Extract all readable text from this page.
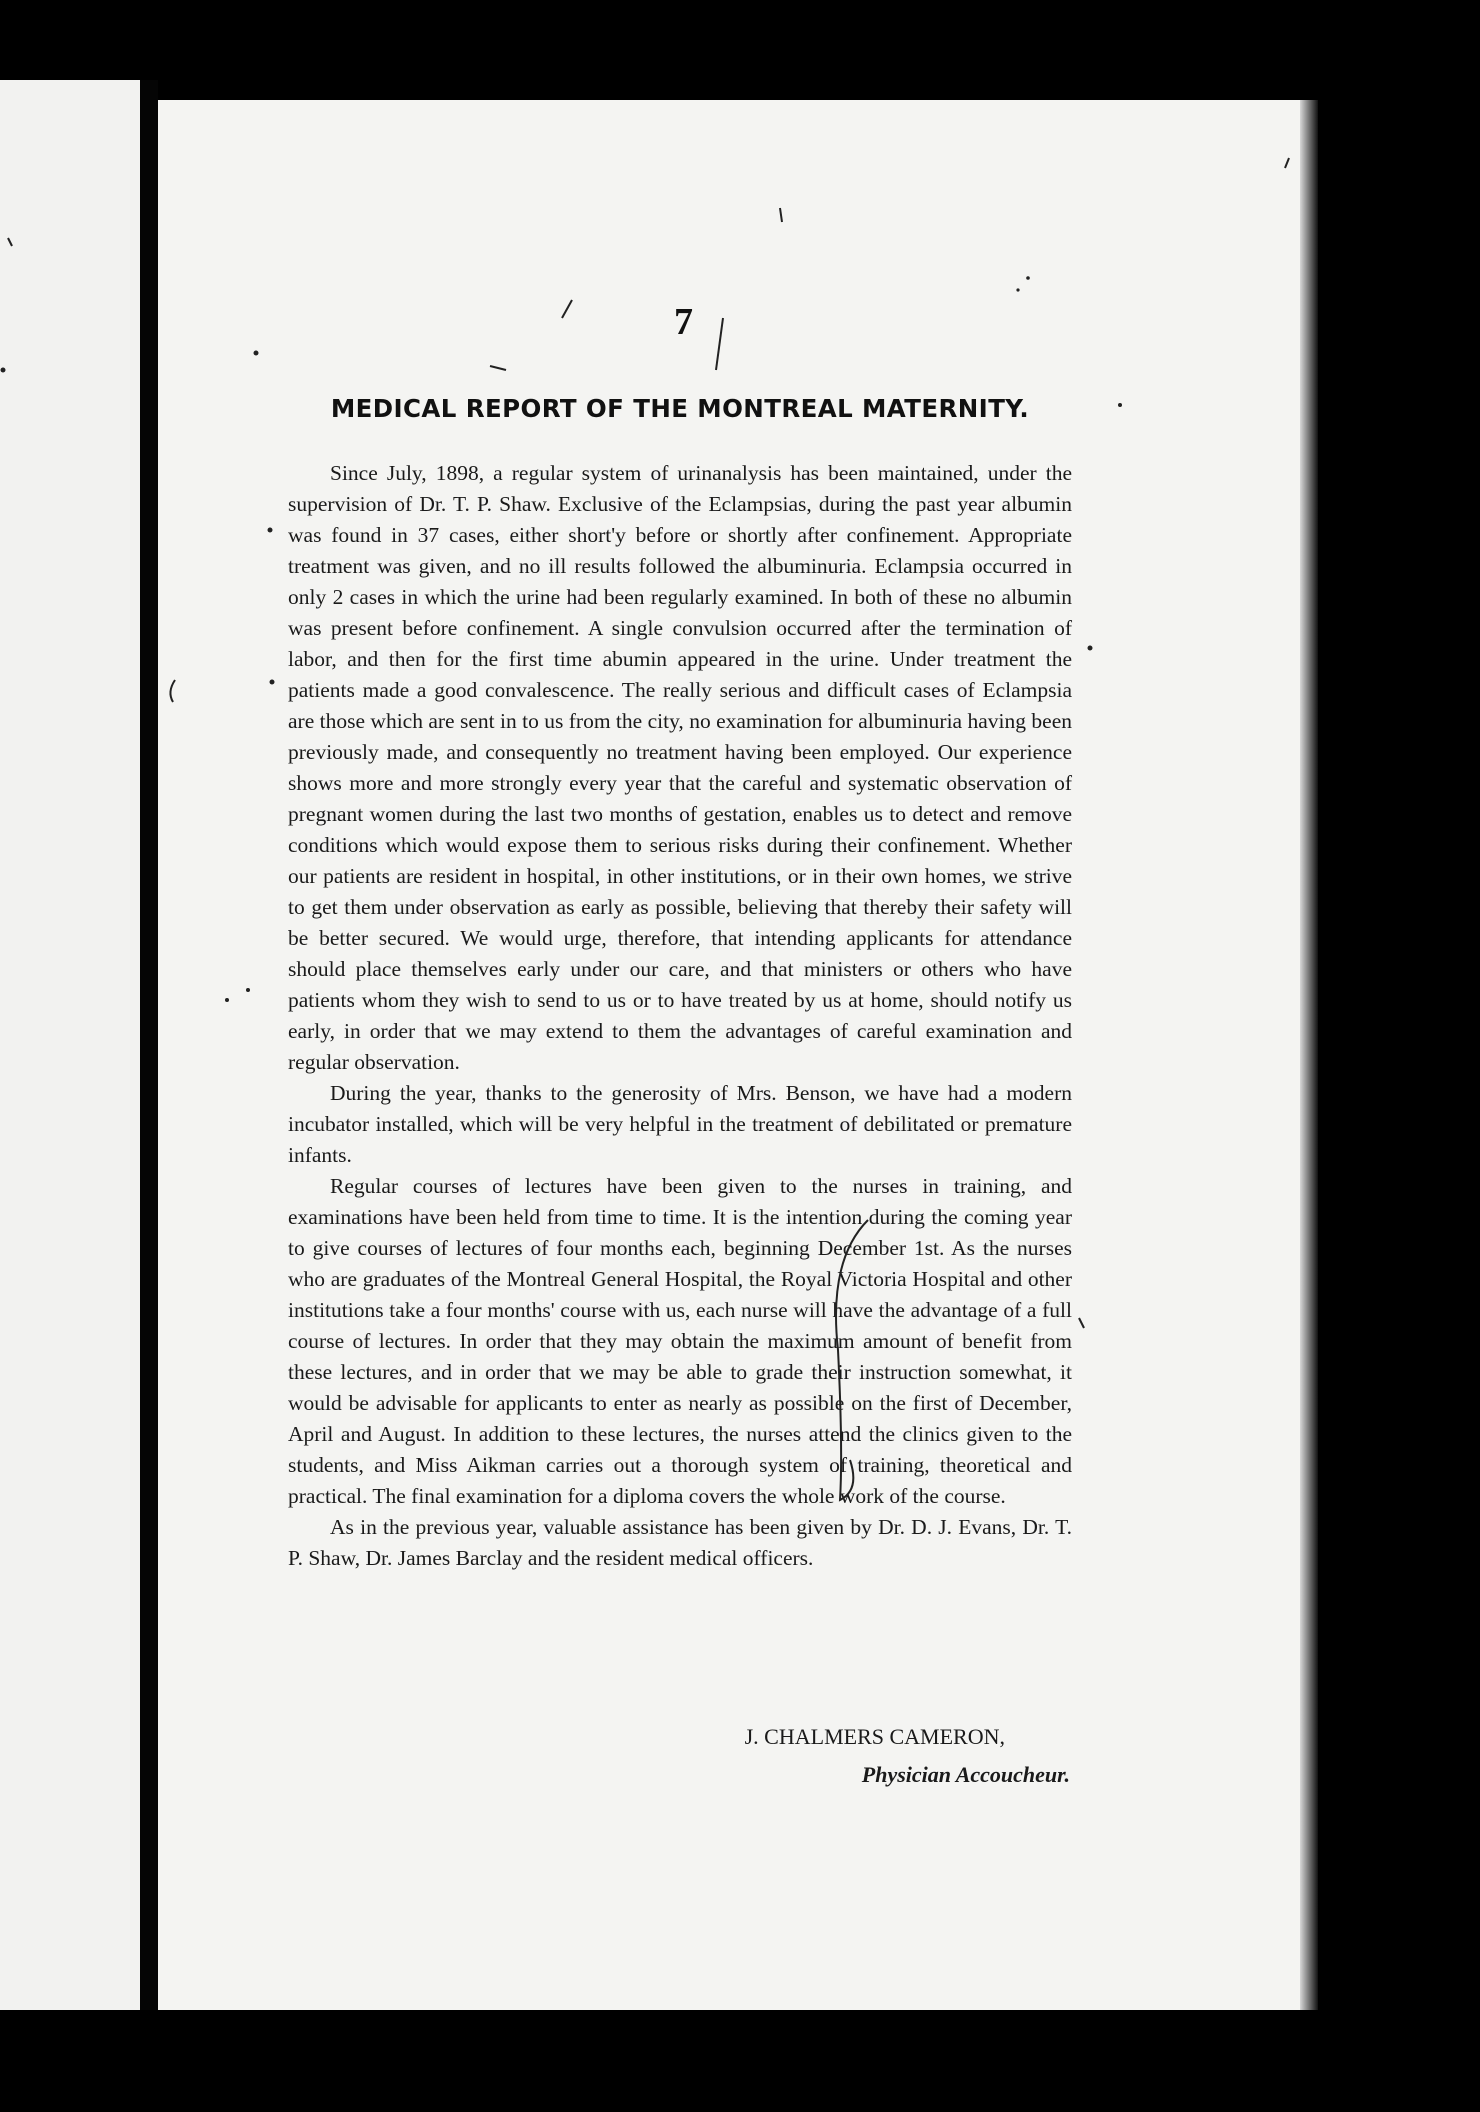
7
MEDICAL REPORT OF THE MONTREAL MATERNITY.

Since July, 1898, a regular system of urinanalysis has been maintained, under the supervision of Dr. T. P. Shaw. Exclusive of the Eclampsias, during the past year albumin was found in 37 cases, either short'y before or shortly after confinement. Appropriate treatment was given, and no ill results followed the albuminuria. Eclampsia occurred in only 2 cases in which the urine had been regularly examined. In both of these no albumin was present before confinement. A single convulsion occurred after the termination of labor, and then for the first time abumin appeared in the urine. Under treatment the patients made a good convalescence. The really serious and difficult cases of Eclampsia are those which are sent in to us from the city, no examination for albuminuria having been previously made, and consequently no treatment having been employed. Our experience shows more and more strongly every year that the careful and systematic observation of pregnant women during the last two months of gestation, enables us to detect and remove conditions which would expose them to serious risks during their confinement. Whether our patients are resident in hospital, in other institutions, or in their own homes, we strive to get them under observation as early as possible, believing that thereby their safety will be better secured. We would urge, therefore, that intending applicants for attendance should place themselves early under our care, and that ministers or others who have patients whom they wish to send to us or to have treated by us at home, should notify us early, in order that we may extend to them the advantages of careful examination and regular observation.

During the year, thanks to the generosity of Mrs. Benson, we have had a modern incubator installed, which will be very helpful in the treatment of debilitated or premature infants.

Regular courses of lectures have been given to the nurses in training, and examinations have been held from time to time. It is the intention during the coming year to give courses of lectures of four months each, beginning December 1st. As the nurses who are graduates of the Montreal General Hospital, the Royal Victoria Hospital and other institutions take a four months' course with us, each nurse will have the advantage of a full course of lectures. In order that they may obtain the maximum amount of benefit from these lectures, and in order that we may be able to grade their instruction somewhat, it would be advisable for applicants to enter as nearly as possible on the first of December, April and August. In addition to these lectures, the nurses attend the clinics given to the students, and Miss Aikman carries out a thorough system of training, theoretical and practical. The final examination for a diploma covers the whole work of the course.

As in the previous year, valuable assistance has been given by Dr. D. J. Evans, Dr. T. P. Shaw, Dr. James Barclay and the resident medical officers.

J. CHALMERS CAMERON,
Physician Accoucheur.
